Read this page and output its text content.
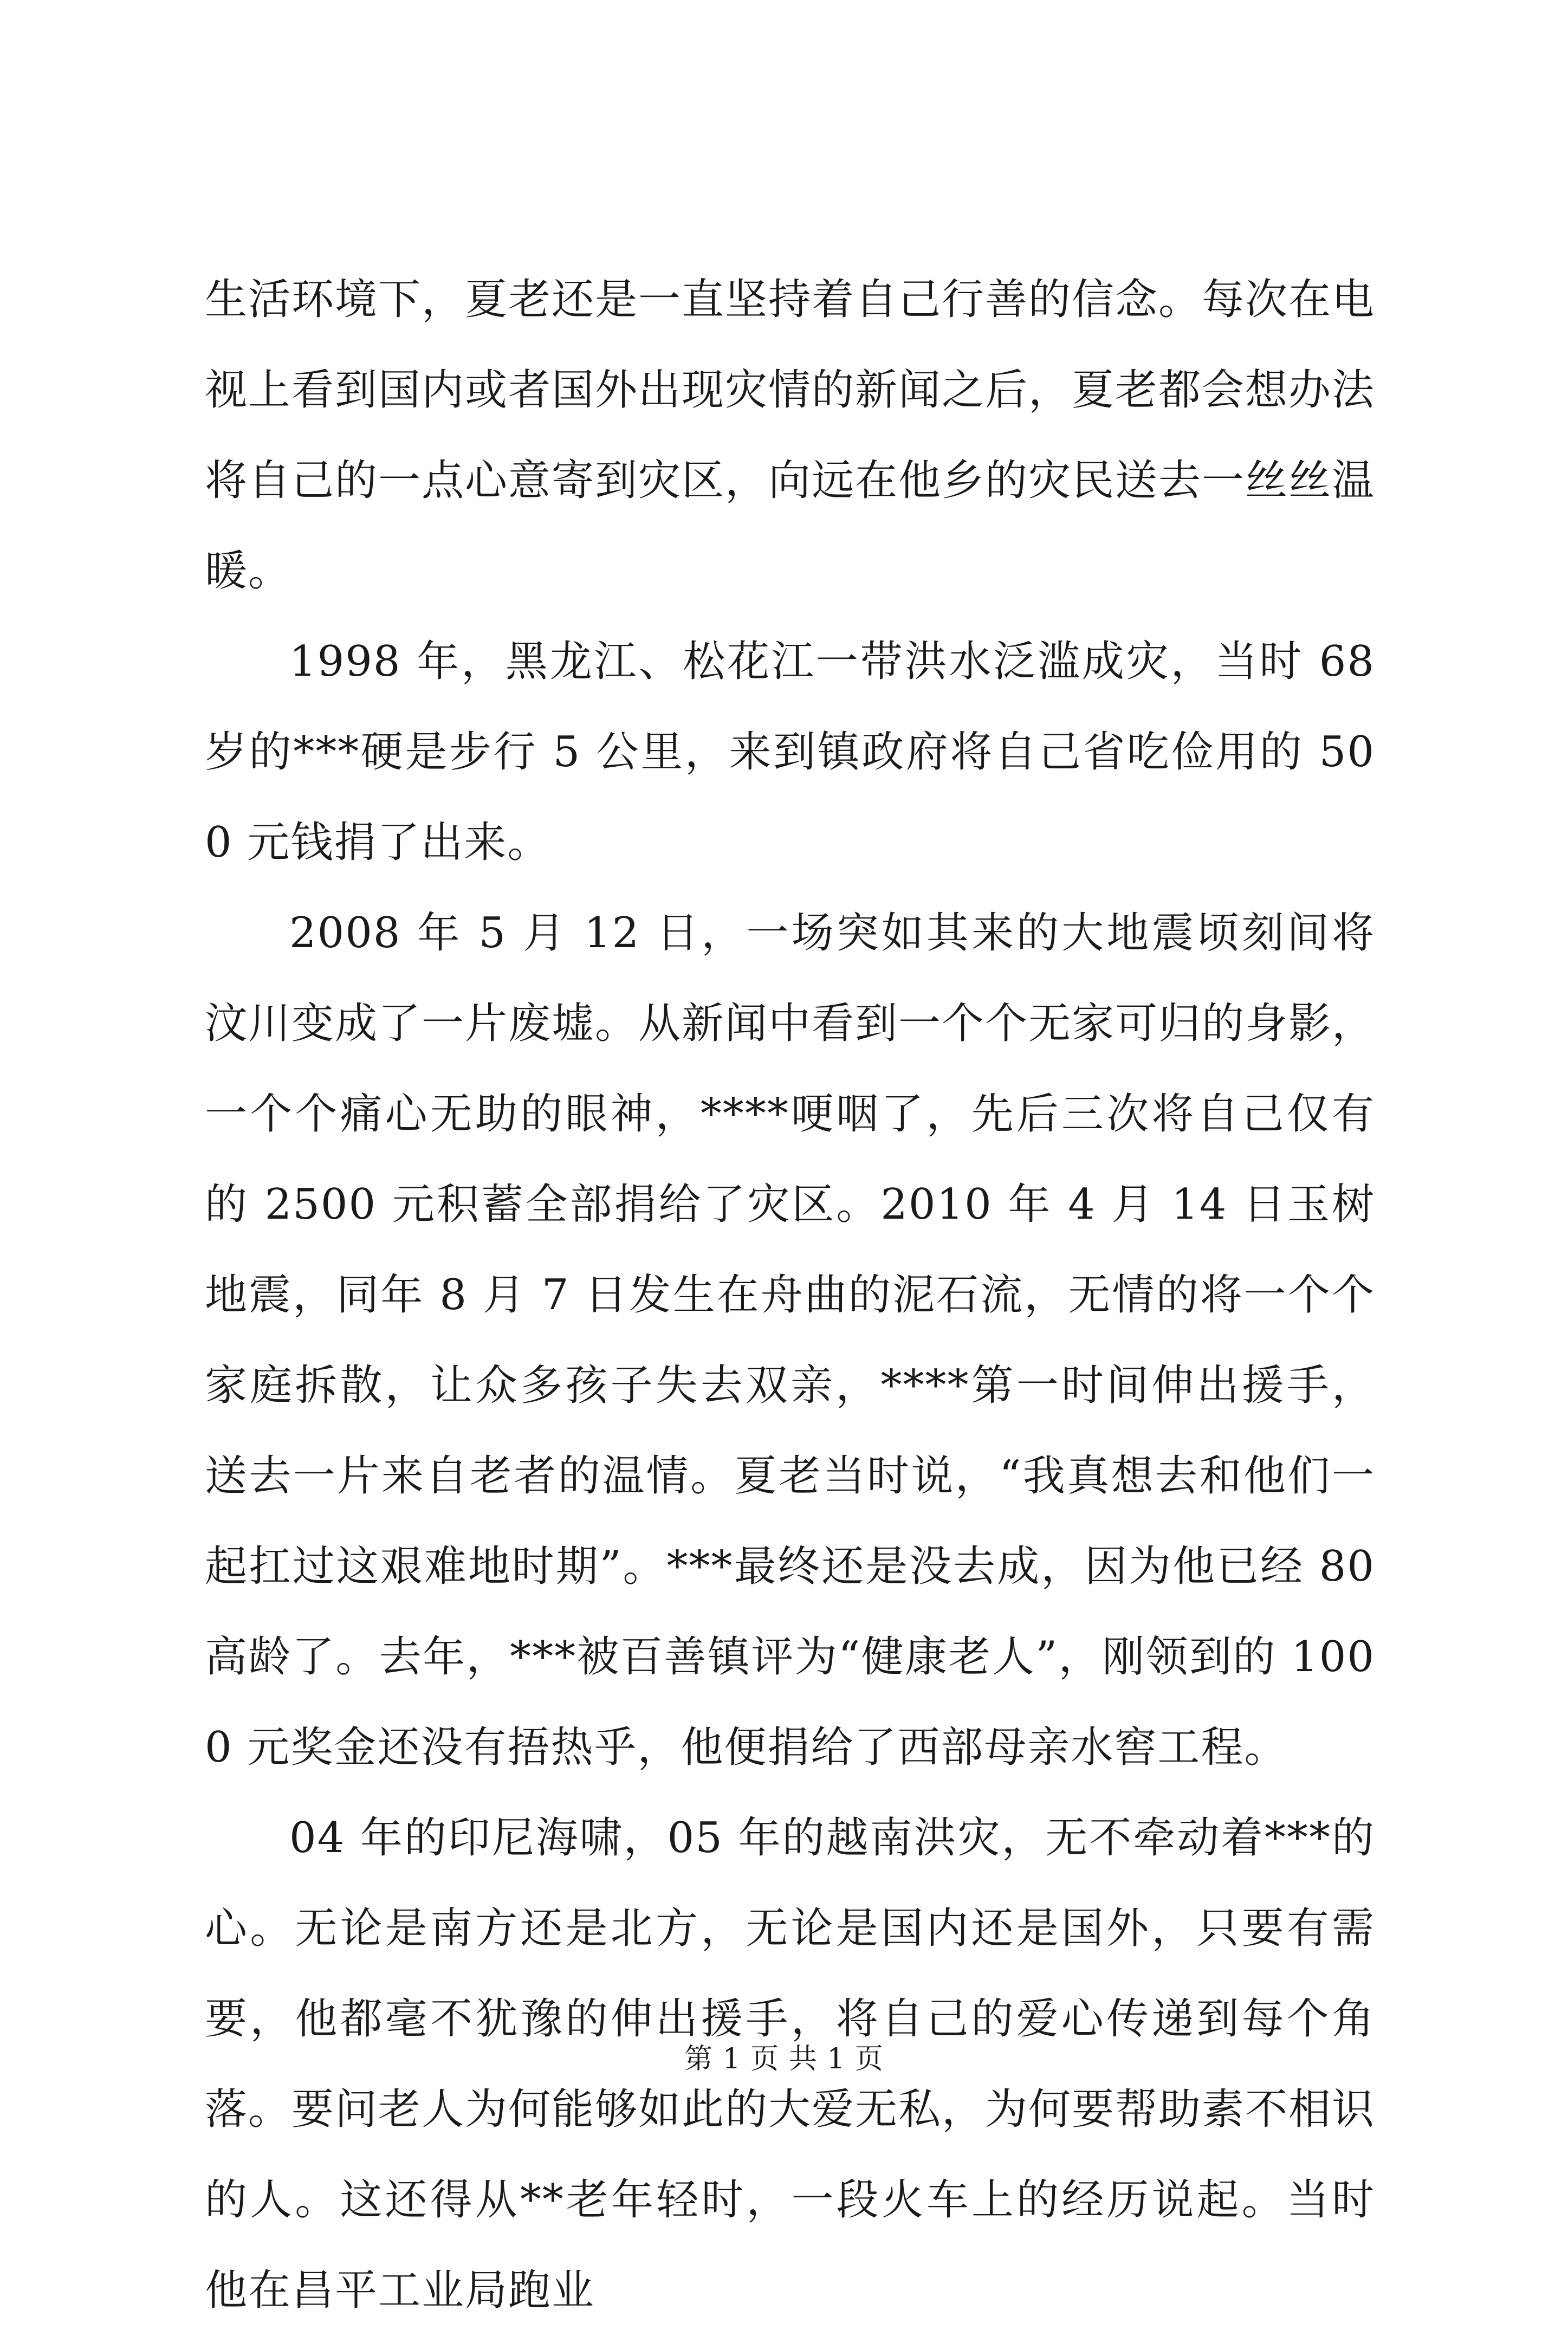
生活环境下，夏老还是一直坚持着自己行善的信念。每次在电视上看到国内或者国外出现灾情的新闻之后，夏老都会想办法将自己的一点心意寄到灾区，向远在他乡的灾民送去一丝丝温暖。

1998 年，黑龙江、松花江一带洪水泛滥成灾，当时 68 岁的***硬是步行 5 公里，来到镇政府将自己省吃俭用的 500 元钱捐了出来。

2008 年 5 月 12 日，一场突如其来的大地震顷刻间将汶川变成了一片废墟。从新闻中看到一个个无家可归的身影，一个个痛心无助的眼神，****哽咽了，先后三次将自己仅有的 2500 元积蓄全部捐给了灾区。2010 年 4 月 14 日玉树地震，同年 8 月 7 日发生在舟曲的泥石流，无情的将一个个家庭拆散，让众多孩子失去双亲，****第一时间伸出援手，送去一片来自老者的温情。夏老当时说，“我真想去和他们一起扛过这艰难地时期”。***最终还是没去成，因为他已经 80 高龄了。去年，***被百善镇评为“健康老人”，刚领到的 1000 元奖金还没有捂热乎，他便捐给了西部母亲水窖工程。

04 年的印尼海啸，05 年的越南洪灾，无不牵动着***的心。无论是南方还是北方，无论是国内还是国外，只要有需要，他都毫不犹豫的伸出援手，将自己的爱心传递到每个角落。要问老人为何能够如此的大爱无私，为何要帮助素不相识的人。这还得从**老年轻时，一段火车上的经历说起。当时他在昌平工业局跑业

第 1 页 共 1 页
